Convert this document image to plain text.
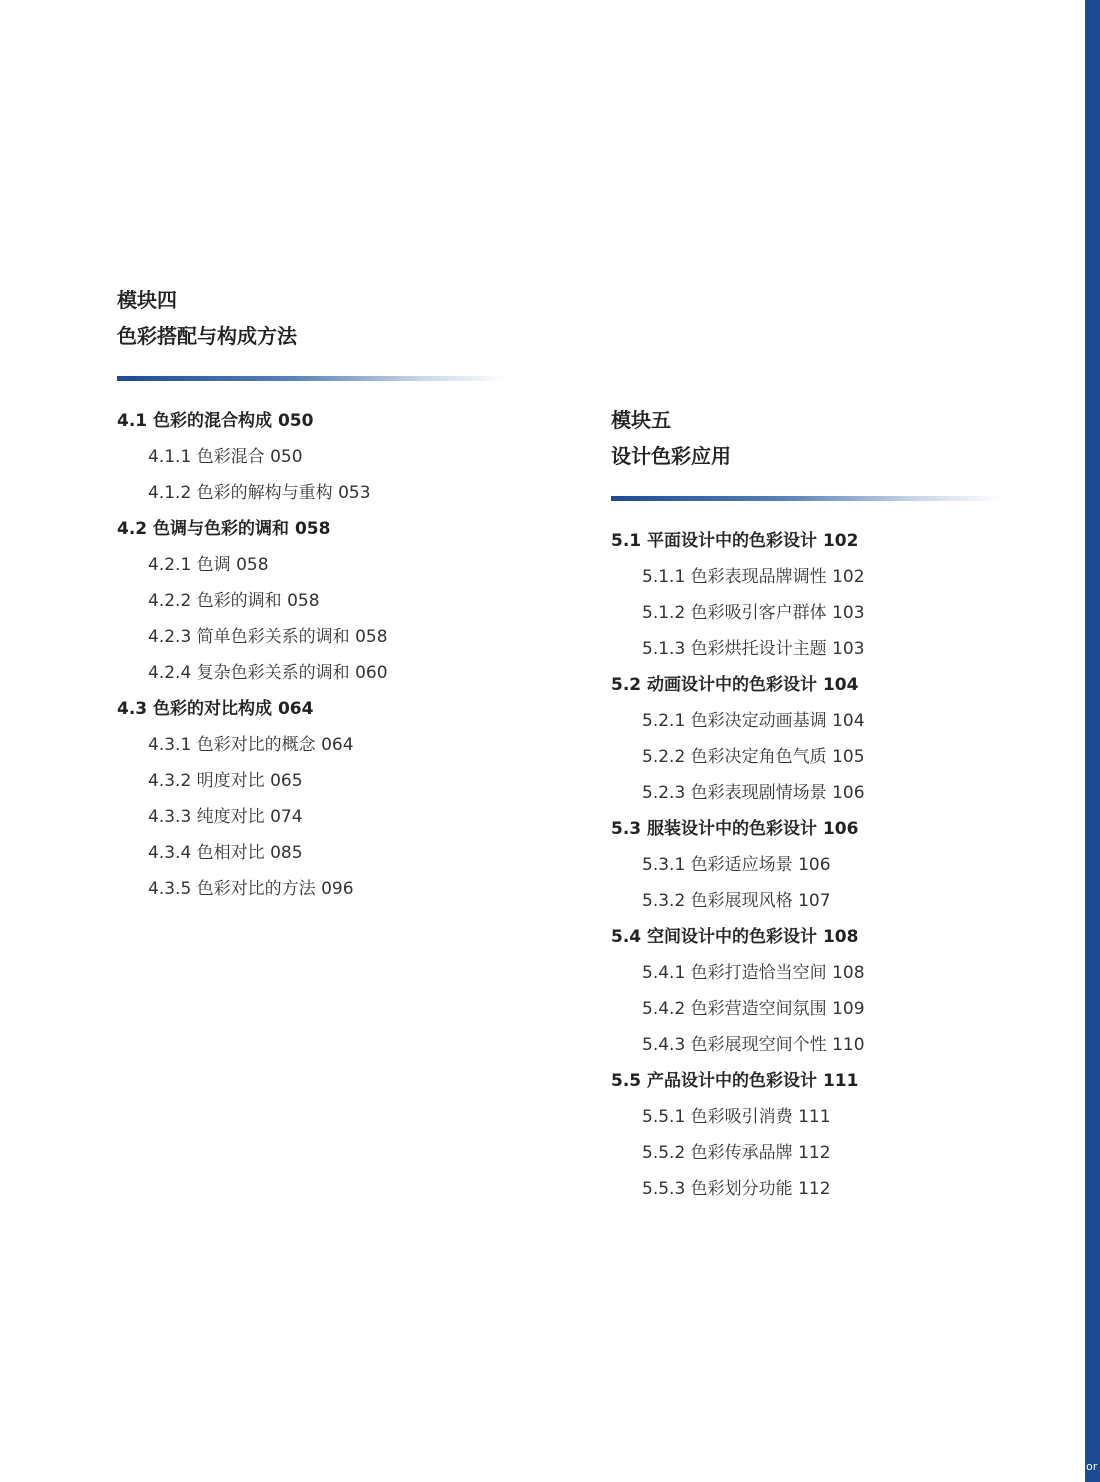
or

模块四

色彩搭配与构成方法

4.1 色彩的混合构成 050
4.1.1 色彩混合 050
4.1.2 色彩的解构与重构 053
4.2 色调与色彩的调和 058
4.2.1 色调 058
4.2.2 色彩的调和 058
4.2.3 简单色彩关系的调和 058
4.2.4 复杂色彩关系的调和 060
4.3 色彩的对比构成 064
4.3.1 色彩对比的概念 064
4.3.2 明度对比 065
4.3.3 纯度对比 074
4.3.4 色相对比 085
4.3.5 色彩对比的方法 096

模块五

设计色彩应用

5.1 平面设计中的色彩设计 102
5.1.1 色彩表现品牌调性 102
5.1.2 色彩吸引客户群体 103
5.1.3 色彩烘托设计主题 103
5.2 动画设计中的色彩设计 104
5.2.1 色彩决定动画基调 104
5.2.2 色彩决定角色气质 105
5.2.3 色彩表现剧情场景 106
5.3 服装设计中的色彩设计 106
5.3.1 色彩适应场景 106
5.3.2 色彩展现风格 107
5.4 空间设计中的色彩设计 108
5.4.1 色彩打造恰当空间 108
5.4.2 色彩营造空间氛围 109
5.4.3 色彩展现空间个性 110
5.5 产品设计中的色彩设计 111
5.5.1 色彩吸引消费 111
5.5.2 色彩传承品牌 112
5.5.3 色彩划分功能 112
